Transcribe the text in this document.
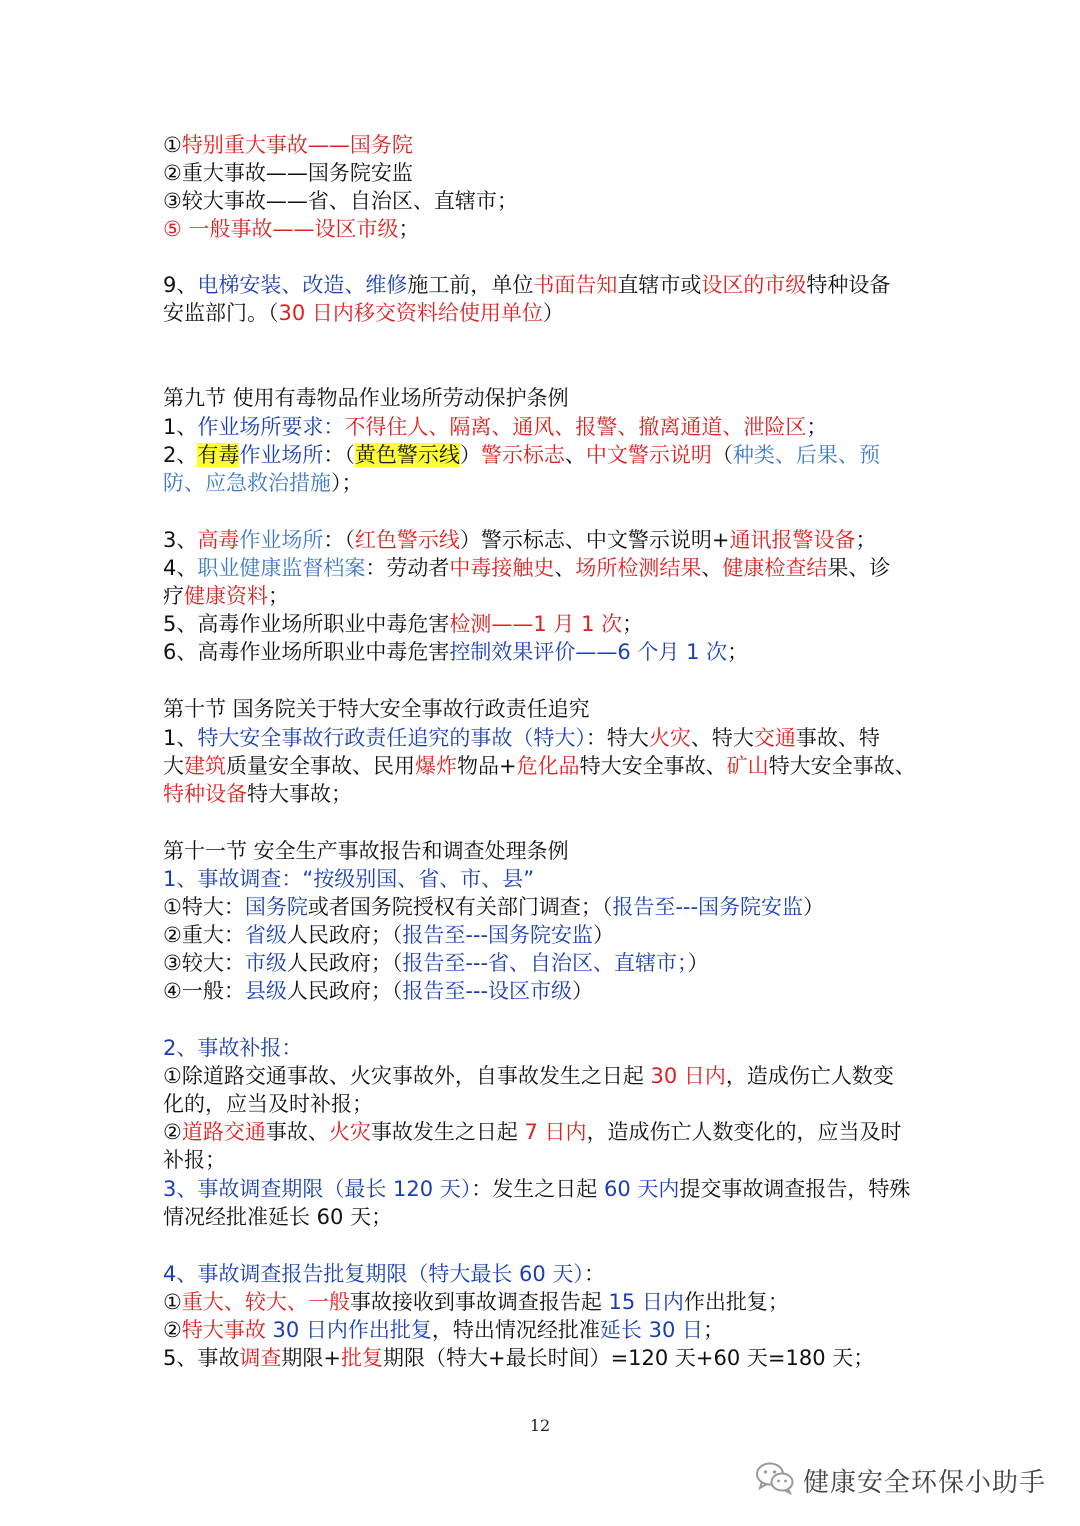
①特别重大事故——国务院
②重大事故——国务院安监
③较大事故——省、自治区、直辖市；
⑤ 一般事故——设区市级；
9、电梯安装、改造、维修施工前，单位书面告知直辖市或设区的市级特种设备
安监部门。（30 日内移交资料给使用单位）
第九节 使用有毒物品作业场所劳动保护条例
1、作业场所要求：不得住人、隔离、通风、报警、撤离通道、泄险区；
2、有毒作业场所：（黄色警示线）警示标志、中文警示说明（种类、后果、预
防、应急救治措施）；
3、高毒作业场所：（红色警示线）警示标志、中文警示说明+通讯报警设备；
4、职业健康监督档案：劳动者中毒接触史、场所检测结果、健康检查结果、诊
疗健康资料；
5、高毒作业场所职业中毒危害检测——1 月 1 次；
6、高毒作业场所职业中毒危害控制效果评价——6 个月 1 次；
第十节 国务院关于特大安全事故行政责任追究
1、特大安全事故行政责任追究的事故（特大）：特大火灾、特大交通事故、特
大建筑质量安全事故、民用爆炸物品+危化品特大安全事故、矿山特大安全事故、
特种设备特大事故；
第十一节 安全生产事故报告和调查处理条例
1、事故调查：“按级别国、省、市、县”
①特大：国务院或者国务院授权有关部门调查；（报告至---国务院安监）
②重大：省级人民政府；（报告至---国务院安监）
③较大：市级人民政府；（报告至---省、自治区、直辖市；）
④一般：县级人民政府；（报告至---设区市级）
2、事故补报：
①除道路交通事故、火灾事故外，自事故发生之日起 30 日内，造成伤亡人数变
化的，应当及时补报；
②道路交通事故、火灾事故发生之日起 7 日内，造成伤亡人数变化的，应当及时
补报；
3、事故调查期限（最长 120 天）：发生之日起 60 天内提交事故调查报告，特殊
情况经批准延长 60 天；
4、事故调查报告批复期限（特大最长 60 天）：
①重大、较大、一般事故接收到事故调查报告起 15 日内作出批复；
②特大事故 30 日内作出批复，特出情况经批准延长 30 日；
5、事故调查期限+批复期限（特大+最长时间）=120 天+60 天=180 天；
12
健康安全环保小助手
